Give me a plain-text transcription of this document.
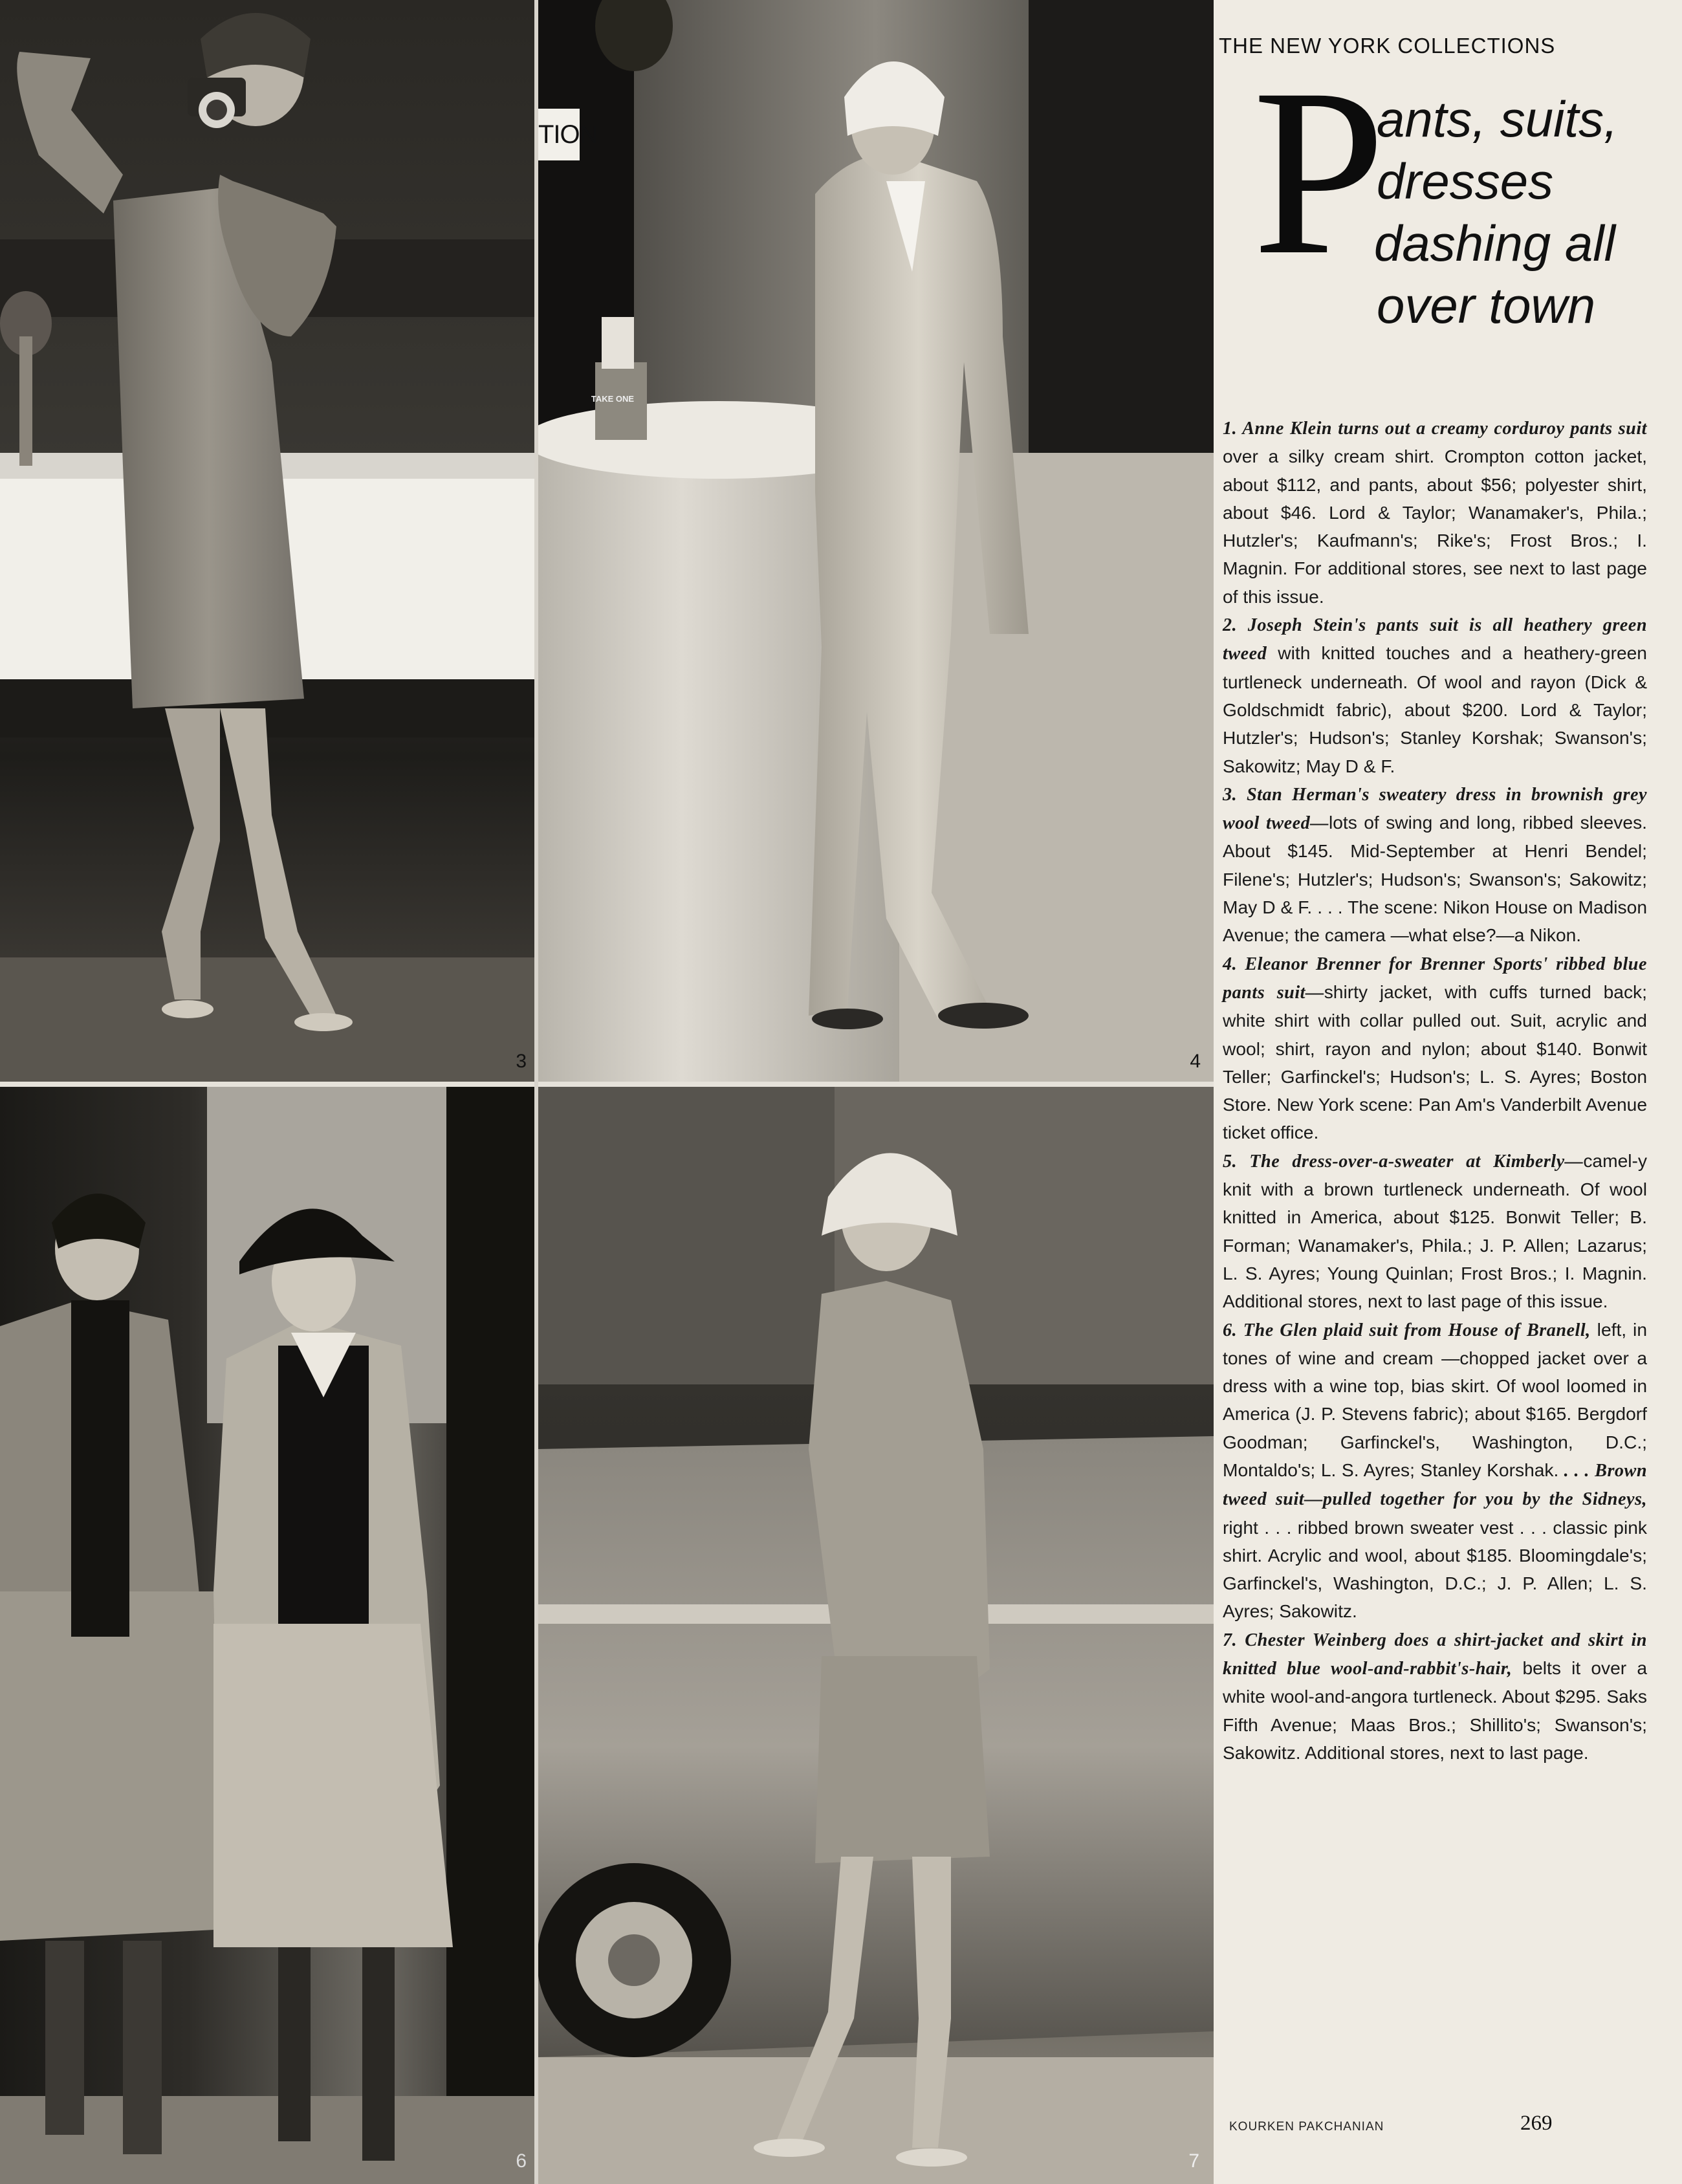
3
TION
TAKE ONE
4
6	7
THE NEW YORK COLLECTIONS
P
ants, suits,
dresses
dashing all
over town

1. Anne Klein turns out a creamy corduroy pants suit over a silky cream shirt. Crompton cotton jacket, about $112, and pants, about $56; polyester shirt, about $46. Lord & Taylor; Wanamaker's, Phila.; Hutzler's; Kaufmann's; Rike's; Frost Bros.; I. Magnin. For additional stores, see next to last page of this issue.

2. Joseph Stein's pants suit is all heathery green tweed with knitted touches and a heathery-green turtleneck underneath. Of wool and rayon (Dick & Goldschmidt fabric), about $200. Lord & Taylor; Hutzler's; Hudson's; Stanley Korshak; Swanson's; Sakowitz; May D & F.

3. Stan Herman's sweatery dress in brownish grey wool tweed—lots of swing and long, ribbed sleeves. About $145. Mid-September at Henri Bendel; Filene's; Hutzler's; Hudson's; Swanson's; Sakowitz; May D & F. . . . The scene: Nikon House on Madison Avenue; the camera —what else?—a Nikon.

4. Eleanor Brenner for Brenner Sports' ribbed blue pants suit—shirty jacket, with cuffs turned back; white shirt with collar pulled out. Suit, acrylic and wool; shirt, rayon and nylon; about $140. Bonwit Teller; Garfinckel's; Hudson's; L. S. Ayres; Boston Store. New York scene: Pan Am's Vanderbilt Avenue ticket office.

5. The dress-over-a-sweater at Kimberly—camel-y knit with a brown turtleneck underneath. Of wool knitted in America, about $125. Bonwit Teller; B. Forman; Wanamaker's, Phila.; J. P. Allen; Lazarus; L. S. Ayres; Young Quinlan; Frost Bros.; I. Magnin. Additional stores, next to last page of this issue.

6. The Glen plaid suit from House of Branell, left, in tones of wine and cream —chopped jacket over a dress with a wine top, bias skirt. Of wool loomed in America (J. P. Stevens fabric); about $165. Bergdorf Goodman; Garfinckel's, Washington, D.C.; Montaldo's; L. S. Ayres; Stanley Korshak. . . . Brown tweed suit—pulled together for you by the Sidneys, right . . . ribbed brown sweater vest . . . classic pink shirt. Acrylic and wool, about $185. Bloomingdale's; Garfinckel's, Washington, D.C.; J. P. Allen; L. S. Ayres; Sakowitz.

7. Chester Weinberg does a shirt-jacket and skirt in knitted blue wool-and-rabbit's-hair, belts it over a white wool-and-angora turtleneck. About $295. Saks Fifth Avenue; Maas Bros.; Shillito's; Swanson's; Sakowitz. Additional stores, next to last page.

KOURKEN PAKCHANIAN	269
